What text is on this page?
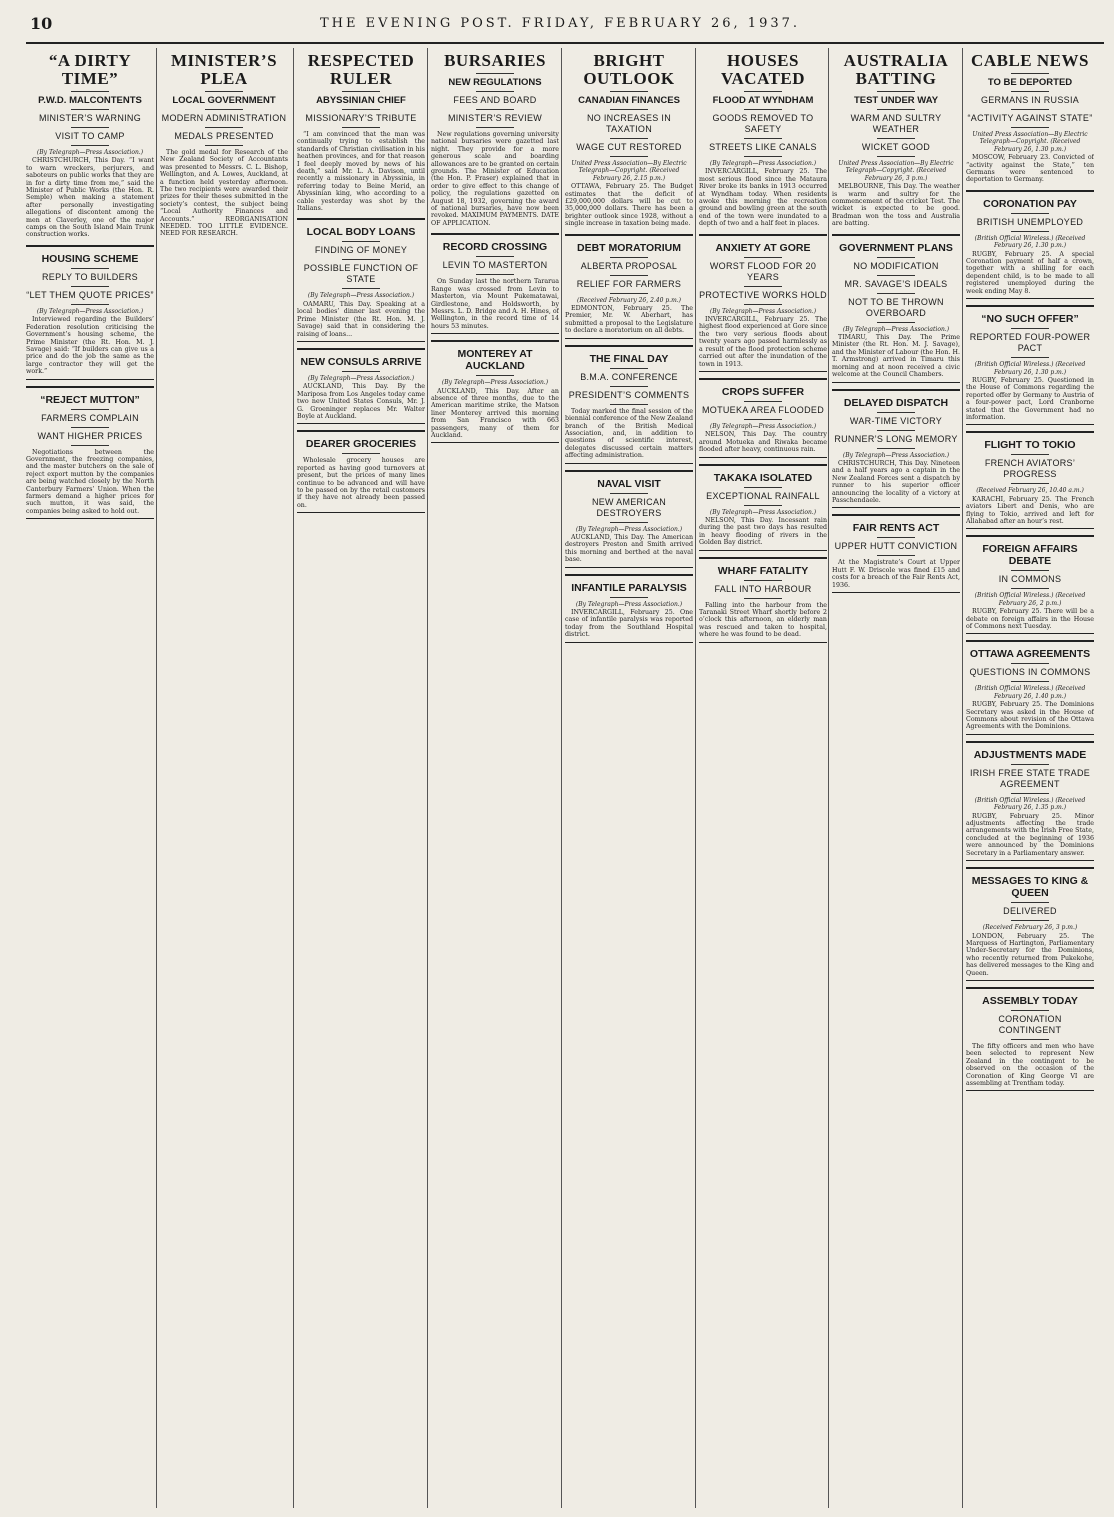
10	THE EVENING POST. FRIDAY, FEBRUARY 26, 1937.
“A DIRTY TIME”
P.W.D. MALCONTENTS
MINISTER’S WARNING
VISIT TO CAMP

(By Telegraph—Press Association.)

CHRISTCHURCH, This Day. “I want to warn wreckers, perjurers, and saboteurs on public works that they are in for a dirty time from me,” said the Minister of Public Works (the Hon. R. Semple) when making a statement after personally investigating allegations of discontent among the men at Claverley, one of the major camps on the South Island Main Trunk construction works.

HOUSING SCHEME
REPLY TO BUILDERS
“LET THEM QUOTE PRICES”

(By Telegraph—Press Association.)

Interviewed regarding the Builders’ Federation resolution criticising the Government’s housing scheme, the Prime Minister (the Rt. Hon. M. J. Savage) said: “If builders can give us a price and do the job the same as the large contractor they will get the work.”

“REJECT MUTTON”
FARMERS COMPLAIN
WANT HIGHER PRICES

Negotiations between the Government, the freezing companies, and the master butchers on the sale of reject export mutton by the companies are being watched closely by the North Canterbury Farmers’ Union. When the farmers demand a higher prices for such mutton, it was said, the companies being asked to hold out.

MINISTER’S PLEA
LOCAL GOVERNMENT
MODERN ADMINISTRATION
MEDALS PRESENTED

The gold medal for Research of the New Zealand Society of Accountants was presented to Messrs. C. L. Bishop, Wellington, and A. Lowes, Auckland, at a function held yesterday afternoon. The two recipients were awarded their prizes for their theses submitted in the society’s contest, the subject being “Local Authority Finances and Accounts.” REORGANISATION NEEDED. TOO LITTLE EVIDENCE. NEED FOR RESEARCH.

RESPECTED RULER
ABYSSINIAN CHIEF
MISSIONARY’S TRIBUTE

“I am convinced that the man was continually trying to establish the standards of Christian civilisation in his heathen provinces, and for that reason I feel deeply moved by news of his death,” said Mr. L. A. Davison, until recently a missionary in Abyssinia, in referring today to Beine Merid, an Abyssinian king, who according to a cable yesterday was shot by the Italians.

LOCAL BODY LOANS
FINDING OF MONEY
POSSIBLE FUNCTION OF STATE

(By Telegraph—Press Association.)

OAMARU, This Day. Speaking at a local bodies’ dinner last evening the Prime Minister (the Rt. Hon. M. J. Savage) said that in considering the raising of loans...

NEW CONSULS ARRIVE

(By Telegraph—Press Association.)

AUCKLAND, This Day. By the Mariposa from Los Angeles today came two new United States Consuls, Mr. J. G. Groeninger replaces Mr. Walter Boyle at Auckland.

DEARER GROCERIES

Wholesale grocery houses are reported as having good turnovers at present, but the prices of many lines continue to be advanced and will have to be passed on by the retail customers if they have not already been passed on.

BURSARIES
NEW REGULATIONS
FEES AND BOARD
MINISTER’S REVIEW

New regulations governing university national bursaries were gazetted last night. They provide for a more generous scale and boarding allowances are to be granted on certain grounds. The Minister of Education (the Hon. P. Fraser) explained that in order to give effect to this change of policy, the regulations gazetted on August 18, 1932, governing the award of national bursaries, have now been revoked. MAXIMUM PAYMENTS. DATE OF APPLICATION.

RECORD CROSSING
LEVIN TO MASTERTON

On Sunday last the northern Tararua Range was crossed from Levin to Masterton, via Mount Pukematawai, Girdlestone, and Holdsworth, by Messrs. L. D. Bridge and A. H. Hines, of Wellington, in the record time of 14 hours 53 minutes.

MONTEREY AT AUCKLAND

(By Telegraph—Press Association.)

AUCKLAND, This Day. After an absence of three months, due to the American maritime strike, the Matson liner Monterey arrived this morning from San Francisco with 663 passengers, many of them for Auckland.

BRIGHT OUTLOOK
CANADIAN FINANCES
NO INCREASES IN TAXATION
WAGE CUT RESTORED

United Press Association—By Electric Telegraph—Copyright. (Received February 26, 2.15 p.m.)

OTTAWA, February 25. The Budget estimates that the deficit of £29,000,000 dollars will be cut to 35,000,000 dollars. There has been a brighter outlook since 1928, without a single increase in taxation being made.

DEBT MORATORIUM
ALBERTA PROPOSAL
RELIEF FOR FARMERS

(Received February 26, 2.40 p.m.)

EDMONTON, February 25. The Premier, Mr. W. Aberhart, has submitted a proposal to the Legislature to declare a moratorium on all debts.

THE FINAL DAY
B.M.A. CONFERENCE
PRESIDENT’S COMMENTS

Today marked the final session of the biennial conference of the New Zealand branch of the British Medical Association, and, in addition to questions of scientific interest, delegates discussed certain matters affecting administration.

NAVAL VISIT
NEW AMERICAN DESTROYERS

(By Telegraph—Press Association.)

AUCKLAND, This Day. The American destroyers Preston and Smith arrived this morning and berthed at the naval base.

INFANTILE PARALYSIS

(By Telegraph—Press Association.)

INVERCARGILL, February 25. One case of infantile paralysis was reported today from the Southland Hospital district.

HOUSES VACATED
FLOOD AT WYNDHAM
GOODS REMOVED TO SAFETY
STREETS LIKE CANALS

(By Telegraph—Press Association.)

INVERCARGILL, February 25. The most serious flood since the Mataura River broke its banks in 1913 occurred at Wyndham today. When residents awoke this morning the recreation ground and bowling green at the south end of the town were inundated to a depth of two and a half feet in places.

ANXIETY AT GORE
WORST FLOOD FOR 20 YEARS
PROTECTIVE WORKS HOLD

(By Telegraph—Press Association.)

INVERCARGILL, February 25. The highest flood experienced at Gore since the two very serious floods about twenty years ago passed harmlessly as a result of the flood protection scheme carried out after the inundation of the town in 1913.

CROPS SUFFER
MOTUEKA AREA FLOODED

(By Telegraph—Press Association.)

NELSON, This Day. The country around Motueka and Riwaka became flooded after heavy, continuous rain.

TAKAKA ISOLATED
EXCEPTIONAL RAINFALL

(By Telegraph—Press Association.)

NELSON, This Day. Incessant rain during the past two days has resulted in heavy flooding of rivers in the Golden Bay district.

WHARF FATALITY
FALL INTO HARBOUR

Falling into the harbour from the Taranaki Street Wharf shortly before 2 o’clock this afternoon, an elderly man was rescued and taken to hospital, where he was found to be dead.

AUSTRALIA BATTING
TEST UNDER WAY
WARM AND SULTRY WEATHER
WICKET GOOD

United Press Association—By Electric Telegraph—Copyright. (Received February 26, 3 p.m.)

MELBOURNE, This Day. The weather is warm and sultry for the commencement of the cricket Test. The wicket is expected to be good. Bradman won the toss and Australia are batting.

GOVERNMENT PLANS
NO MODIFICATION
MR. SAVAGE’S IDEALS
NOT TO BE THROWN OVERBOARD

(By Telegraph—Press Association.)

TIMARU, This Day. The Prime Minister (the Rt. Hon. M. J. Savage), and the Minister of Labour (the Hon. H. T. Armstrong) arrived in Timaru this morning and at noon received a civic welcome at the Council Chambers.

DELAYED DISPATCH
WAR-TIME VICTORY
RUNNER’S LONG MEMORY

(By Telegraph—Press Association.)

CHRISTCHURCH, This Day. Nineteen and a half years ago a captain in the New Zealand Forces sent a dispatch by runner to his superior officer announcing the locality of a victory at Passchendaele.

FAIR RENTS ACT
UPPER HUTT CONVICTION

At the Magistrate’s Court at Upper Hutt F. W. Driscole was fined £15 and costs for a breach of the Fair Rents Act, 1936.

CABLE NEWS
TO BE DEPORTED
GERMANS IN RUSSIA
“ACTIVITY AGAINST STATE”

United Press Association—By Electric Telegraph—Copyright. (Received February 26, 1.30 p.m.)

MOSCOW, February 23. Convicted of “activity against the State,” ten Germans were sentenced to deportation to Germany.

CORONATION PAY
BRITISH UNEMPLOYED

(British Official Wireless.) (Received February 26, 1.30 p.m.)

RUGBY, February 25. A special Coronation payment of half a crown, together with a shilling for each dependent child, is to be made to all registered unemployed during the week ending May 8.

“NO SUCH OFFER”
REPORTED FOUR-POWER PACT

(British Official Wireless.) (Received February 26, 1.30 p.m.)

RUGBY, February 25. Questioned in the House of Commons regarding the reported offer by Germany to Austria of a four-power pact, Lord Cranborne stated that the Government had no information.

FLIGHT TO TOKIO
FRENCH AVIATORS’ PROGRESS

(Received February 26, 10.40 a.m.)

KARACHI, February 25. The French aviators Libert and Denis, who are flying to Tokio, arrived and left for Allahabad after an hour’s rest.

FOREIGN AFFAIRS DEBATE
IN COMMONS

(British Official Wireless.) (Received February 26, 2 p.m.)

RUGBY, February 25. There will be a debate on foreign affairs in the House of Commons next Tuesday.

OTTAWA AGREEMENTS
QUESTIONS IN COMMONS

(British Official Wireless.) (Received February 26, 1.40 p.m.)

RUGBY, February 25. The Dominions Secretary was asked in the House of Commons about revision of the Ottawa Agreements with the Dominions.

ADJUSTMENTS MADE
IRISH FREE STATE TRADE AGREEMENT

(British Official Wireless.) (Received February 26, 1.35 p.m.)

RUGBY, February 25. Minor adjustments affecting the trade arrangements with the Irish Free State, concluded at the beginning of 1936 were announced by the Dominions Secretary in a Parliamentary answer.

MESSAGES TO KING & QUEEN
DELIVERED

(Received February 26, 3 p.m.)

LONDON, February 25. The Marquess of Hartington, Parliamentary Under-Secretary for the Dominions, who recently returned from Pukekohe, has delivered messages to the King and Queen.

ASSEMBLY TODAY
CORONATION CONTINGENT

The fifty officers and men who have been selected to represent New Zealand in the contingent to be observed on the occasion of the Coronation of King George VI are assembling at Trentham today.
